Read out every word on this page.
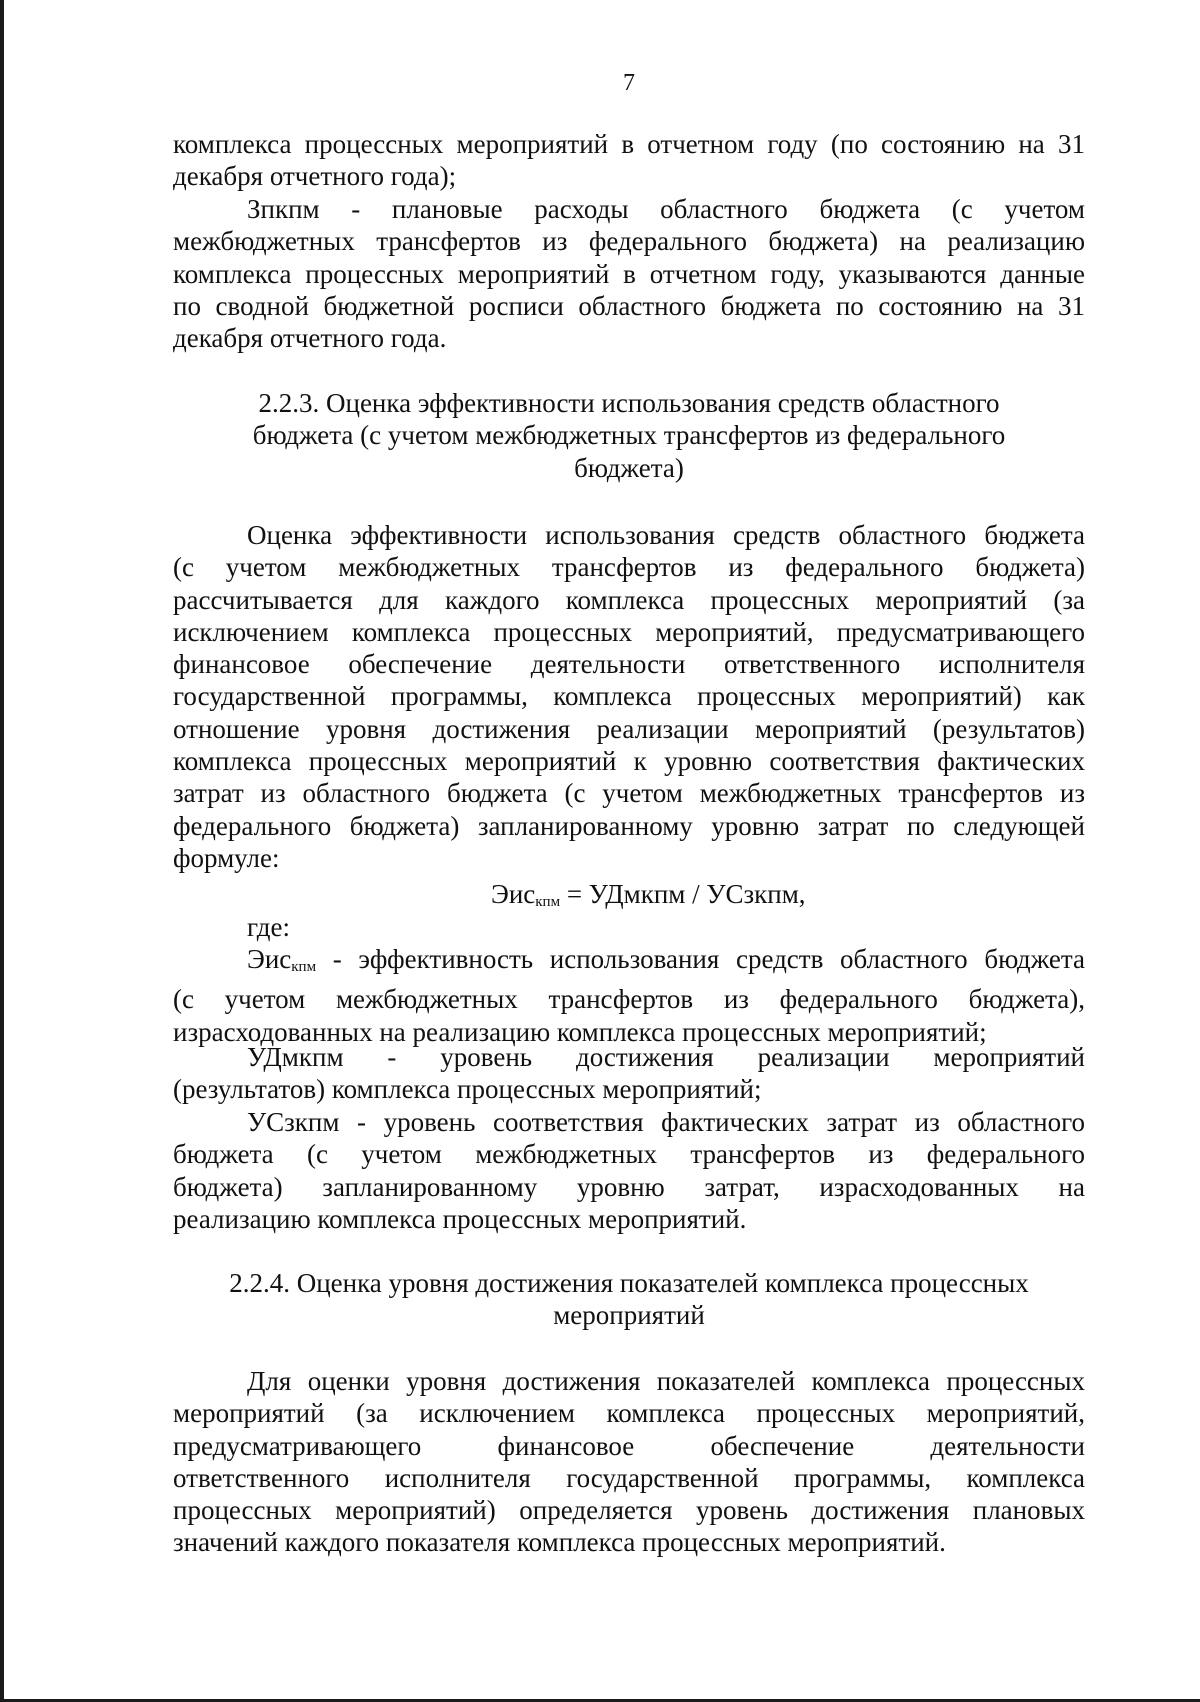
7
комплекса процессных мероприятий в отчетном году (по состоянию на 31
декабря отчетного года);
Зпкпм - плановые расходы областного бюджета (с учетом
межбюджетных трансфертов из федерального бюджета) на реализацию
комплекса процессных мероприятий в отчетном году, указываются данные
по сводной бюджетной росписи областного бюджета по состоянию на 31
декабря отчетного года.
2.2.3. Оценка эффективности использования средств областного
бюджета (с учетом межбюджетных трансфертов из федерального
бюджета)
Оценка эффективности использования средств областного бюджета
(с учетом межбюджетных трансфертов из федерального бюджета)
рассчитывается для каждого комплекса процессных мероприятий (за
исключением комплекса процессных мероприятий, предусматривающего
финансовое обеспечение деятельности ответственного исполнителя
государственной программы, комплекса процессных мероприятий) как
отношение уровня достижения реализации мероприятий (результатов)
комплекса процессных мероприятий к уровню соответствия фактических
затрат из областного бюджета (с учетом межбюджетных трансфертов из
федерального бюджета) запланированному уровню затрат по следующей
формуле:
Эис$_{кпм}$ = УДмкпм / УСзкпм,
где:
Эис$_{кпм}$ - эффективность использования средств областного бюджета
(с учетом межбюджетных трансфертов из федерального бюджета),
израсходованных на реализацию комплекса процессных мероприятий;
УДмкпм - уровень достижения реализации мероприятий
(результатов) комплекса процессных мероприятий;
УСзкпм - уровень соответствия фактических затрат из областного
бюджета (с учетом межбюджетных трансфертов из федерального
бюджета) запланированному уровню затрат, израсходованных на
реализацию комплекса процессных мероприятий.
2.2.4. Оценка уровня достижения показателей комплекса процессных
мероприятий
Для оценки уровня достижения показателей комплекса процессных
мероприятий (за исключением комплекса процессных мероприятий,
предусматривающего финансовое обеспечение деятельности
ответственного исполнителя государственной программы, комплекса
процессных мероприятий) определяется уровень достижения плановых
значений каждого показателя комплекса процессных мероприятий.
